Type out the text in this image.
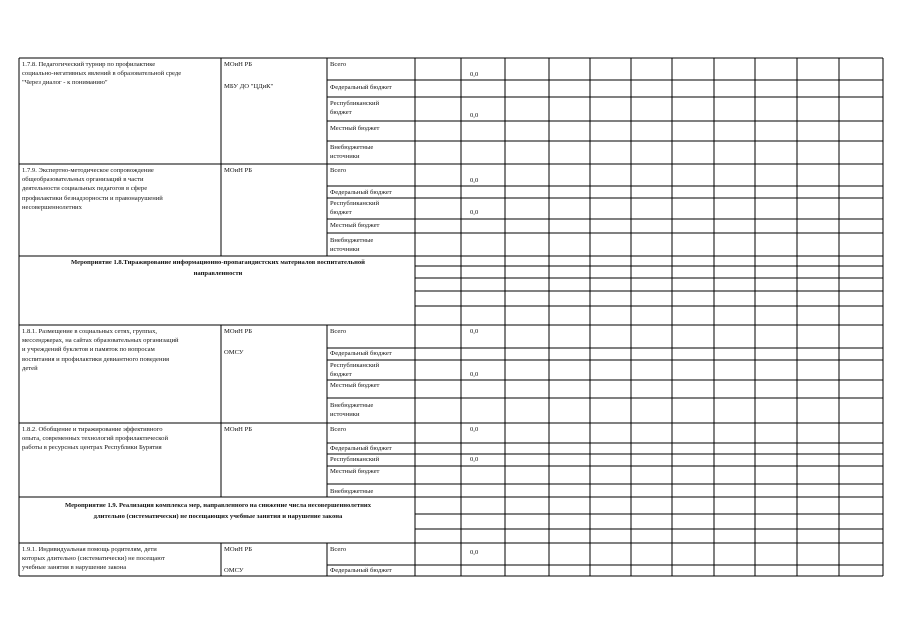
1.7.8. Педагогический турнир по профилактике
социально-негативных явлений в образовательной среде
"Через диалог - к пониманию"
МОиН РБ
МБУ ДО "ЦДиК"
Всего
Федеральный бюджет
Республиканский
бюджет
Местный бюджет
Внебюджетные
источники
0,0
0,0
1.7.9. Экспертно-методическое сопровождение
общеобразовательных организаций в части
деятельности социальных педагогов в сфере
профилактики безнадзорности и правонарушений
несовершеннолетних
МОиН РБ	Всего
Федеральный бюджет
Республиканский
бюджет
Местный бюджет
Внебюджетные
источники
0,0
0,0
Мероприятие 1.8.Тиражирование информационно-пропагандистских материалов воспитательной
направленности
1.8.1. Размещение в социальных сетях, группах,
мессенджерах, на сайтах образовательных организаций
и учреждений буклетов и памяток по вопросам
воспитания и профилактики девиантного поведения
детей
МОиН РБ
ОМСУ
Всего
Федеральный бюджет
Республиканский
бюджет
Местный бюджет
Внебюджетные
источники
0,0
0,0
1.8.2. Обобщение и тиражирование эффективного
опыта, современных технологий профилактической
работы в ресурсных центрах Республики Бурятия
МОиН РБ	Всего
Федеральный бюджет
Республиканский
Местный бюджет
Внебюджетные
0,0
0,0
Мероприятие 1.9. Реализация комплекса мер, направленного на снижение числа несовершеннолетних
длительно (систематически) не посещающих учебные занятия и нарушение закона
1.9.1. Индивидуальная помощь родителям, дети
которых длительно (систематически) не посещают
учебные занятия в нарушение закона
МОиН РБ
ОМСУ
Всего
Федеральный бюджет
0,0
